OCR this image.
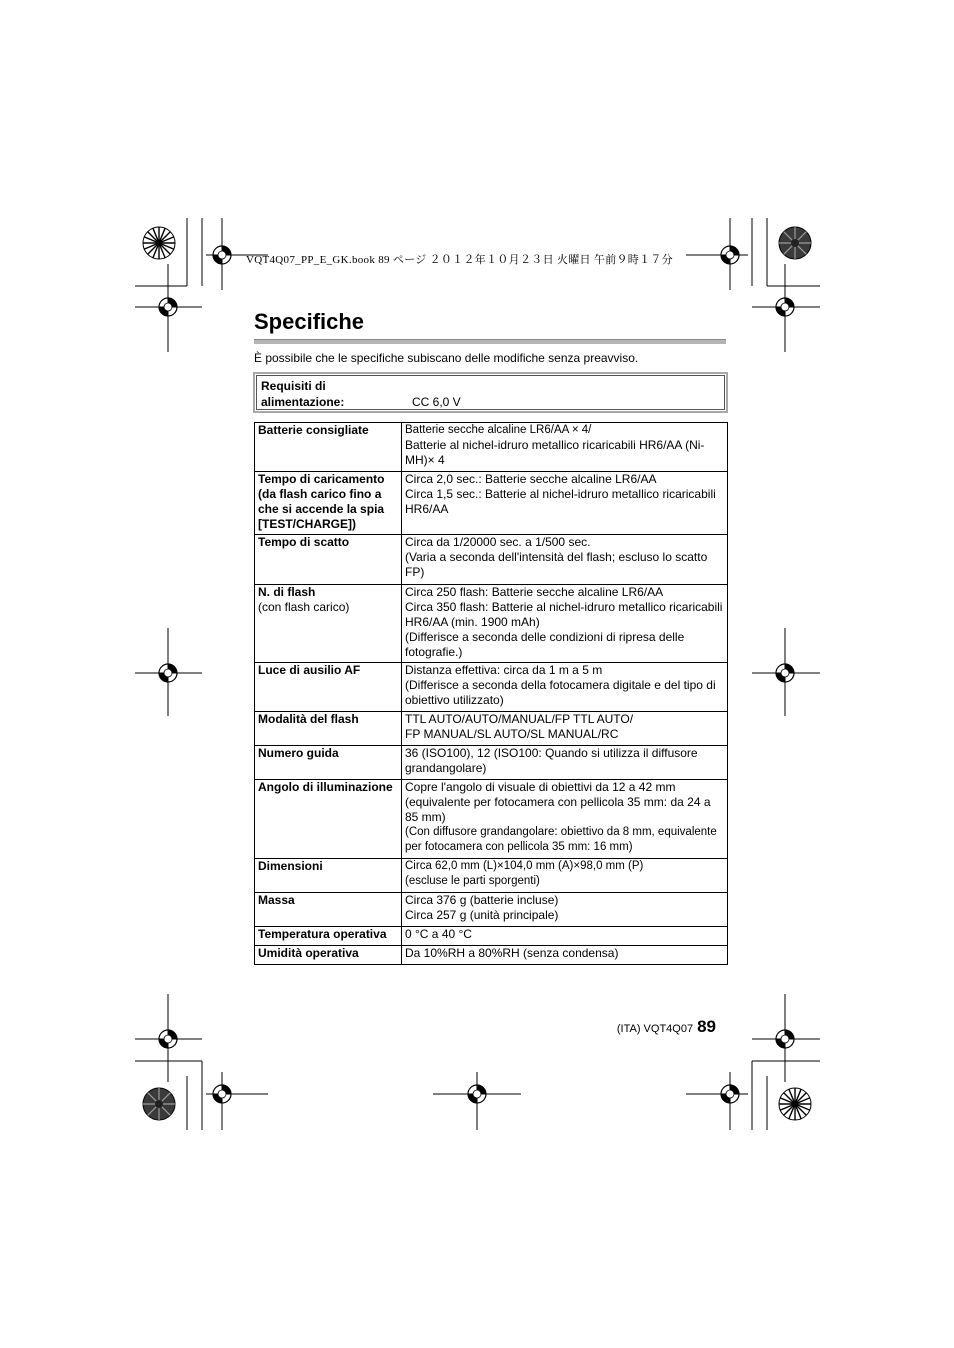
VQT4Q07_PP_E_GK.book 89 ページ ２０１２年１０月２３日 火曜日 午前９時１７分
Specifiche
È possibile che le specifiche subiscano delle modifiche senza preavviso.
Requisiti di alimentazione:	CC 6,0 V
Batterie consigliate	Batterie secche alcaline LR6/AA × 4/
Batterie al nichel-idruro metallico ricaricabili HR6/AA (Ni-MH)× 4

Tempo di caricamento (da flash carico fino a che si accende la spia [TEST/CHARGE])	Circa 2,0 sec.: Batterie secche alcaline LR6/AA
Circa 1,5 sec.: Batterie al nichel-idruro metallico ricaricabili HR6/AA

Tempo di scatto	Circa da 1/20000 sec. a 1/500 sec.
(Varia a seconda dell'intensità del flash; escluso lo scatto FP)

N. di flash
(con flash carico)	Circa 250 flash: Batterie secche alcaline LR6/AA
Circa 350 flash: Batterie al nichel-idruro metallico ricaricabili HR6/AA (min. 1900 mAh)
(Differisce a seconda delle condizioni di ripresa delle fotografie.)

Luce di ausilio AF	Distanza effettiva: circa da 1 m a 5 m
(Differisce a seconda della fotocamera digitale e del tipo di obiettivo utilizzato)

Modalità del flash	TTL AUTO/AUTO/MANUAL/FP TTL AUTO/
FP MANUAL/SL AUTO/SL MANUAL/RC

Numero guida	36 (ISO100), 12 (ISO100: Quando si utilizza il diffusore grandangolare)

Angolo di illuminazione	Copre l'angolo di visuale di obiettivi da 12 a 42 mm (equivalente per fotocamera con pellicola 35 mm: da 24 a 85 mm)
(Con diffusore grandangolare: obiettivo da 8 mm, equivalente per fotocamera con pellicola 35 mm: 16 mm)

Dimensioni	Circa 62,0 mm (L)×104,0 mm (A)×98,0 mm (P)
(escluse le parti sporgenti)

Massa	Circa 376 g (batterie incluse)
Circa 257 g (unità principale)

Temperatura operativa	0 °C a 40 °C

Umidità operativa	Da 10%RH a 80%RH (senza condensa)
(ITA) VQT4Q07 89
